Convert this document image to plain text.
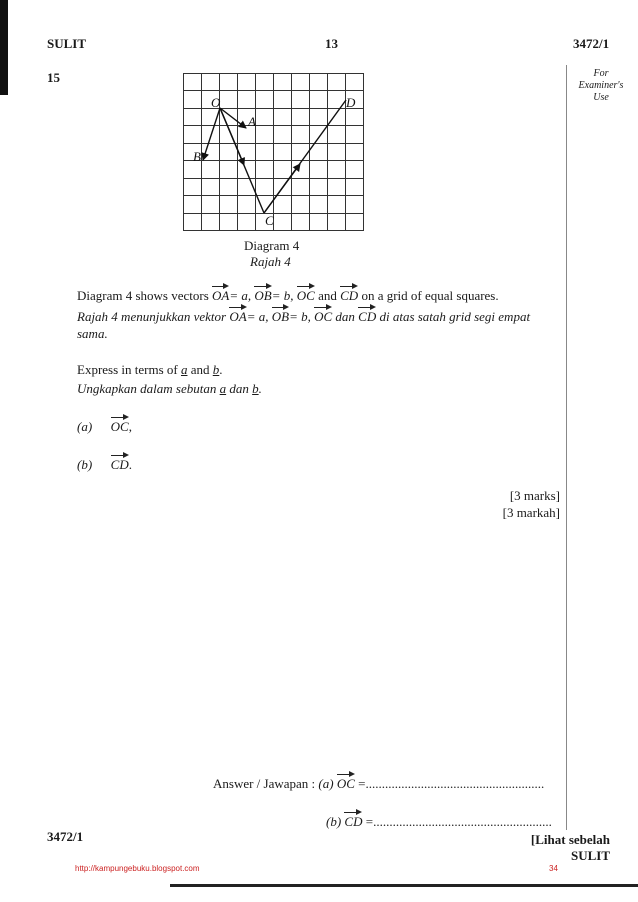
SULIT	13	3472/1
15	For
Examiner's
Use
O
A
B
C
D
Diagram 4
Rajah 4
Diagram 4 shows vectors OA= a, OB= b, OC and CD on a grid of equal squares.
Rajah 4 menunjukkan vektor OA= a, OB= b, OC dan CD di atas satah grid segi empat
sama.
Express in terms of a and b.
Ungkapkan dalam sebutan a dan b.
(a) OC,
(b) CD.
[3 marks]
[3 markah]
Answer / Jawapan : (a) OC =.......................................................
(b) CD =.......................................................
3472/1	[Lihat sebelah
SULIT
http://kampungebuku.blogspot.com	34
